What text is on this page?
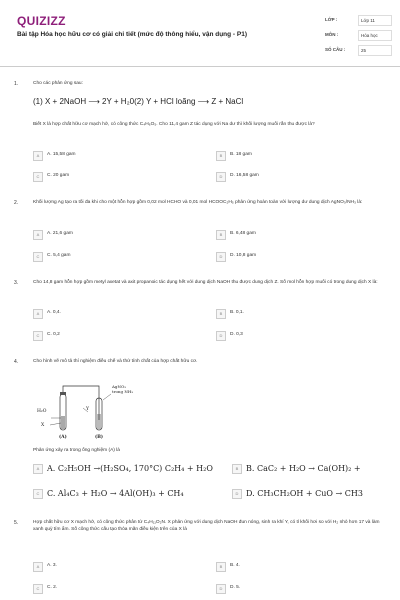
QUIZIZZ
Bài tập Hóa học hữu cơ có giải chi tiết (mức độ thông hiểu, vận dụng - P1)
LỚP :	Lớp 11
MÔN :	Hóa học
SỐ CÂU :	25
1.	Cho các phản ứng sau:
(1) X + 2NaOH ⟶ 2Y + H₂0(2) Y + HCl loãng ⟶ Z + NaCl
Biết X là hợp chất hữu cơ mạch hở, có công thức C₄H₆O₅. Cho 11,4 gam Z tác dụng với Na dư thì khối lượng muối rắn thu được là?
A	A. 15,58 gam	B	B. 18 gam
C	C. 20 gam	D	D. 16,58 gam
2.	Khối lượng Ag tạo ra tối đa khi cho một hỗn hợp gồm 0,02 mol HCHO và 0,01 mol HCOOC₂H₅ phản ứng hoàn toàn với lượng dư dung dịch AgNO₃/NH₃ là:
A	A. 21,6 gam	B	B. 6,48 gam
C	C. 5,4 gam	D	D. 10,8 gam
3.	Cho 14,8 gam hỗn hợp gồm metyl axetat và axit propanoic tác dụng hết với dung dịch NaOH thu được dung dịch Z. Số mol hỗn hợp muối có trong dung dịch X là:
A	A. 0,4.	B	B. 0,1.
C	C. 0,2	D	D. 0,3
4.	Cho hình vẽ mô tả thí nghiệm điều chế và thử tính chất của hợp chất hữu cơ.
AgNO₃
trong NH₃
H₂O
X
Y
(A)	(B)
Phản ứng xảy ra trong ống nghiệm (A) là
A A. C₂H₅OH →(H₂SO₄, 170°C) C₂H₄ + H₂O	B B. CaC₂ + H₂O → Ca(OH)₂ +
C C. Al₄C₃ + H₂O → 4Al(OH)₃ + CH₄	D D. CH₃CH₂OH + CuO → CH3
5.	Hợp chất hữu cơ X mạch hở, có công thức phân tử C₄H₁₁O₂N. X phản ứng với dung dịch NaOH đun nóng, sinh ra khí Y, có tỉ khối hơi so với H₂ nhỏ hơn 17 và làm xanh quỳ tím ẩm. Số công thức cấu tạo thỏa mãn điều kiện trên của X là
A	A. 3.	B	B. 4.
C	C. 2.	D	D. 5.
